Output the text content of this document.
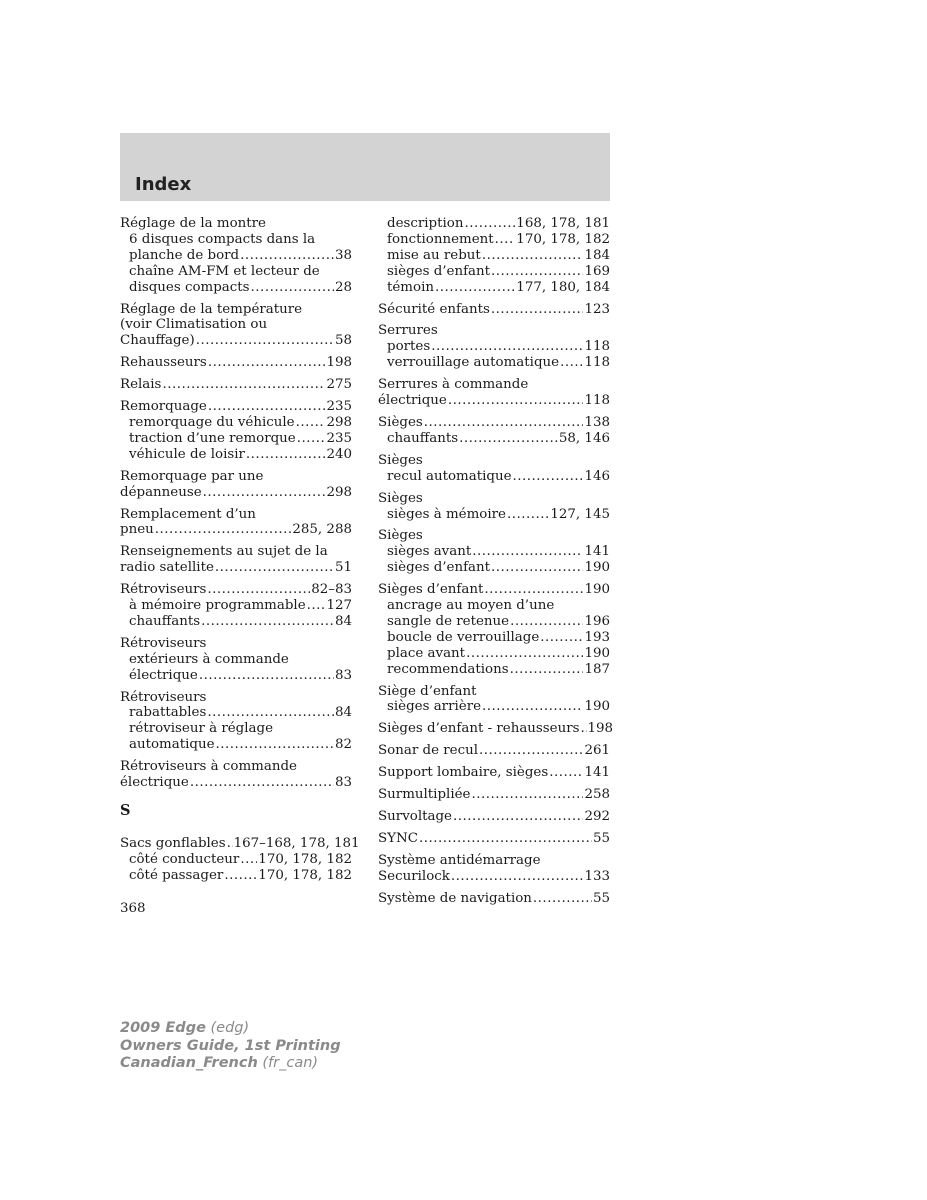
Index
Réglage de la montre
6 disques compacts dans la
planche de bord .....	38
chaîne AM-FM et lecteur de
disques compacts .....	28
Réglage de la température
(voir Climatisation ou
Chauffage) .....	58
Rehausseurs .....	198
Relais .....	275
Remorquage .....	235
remorquage du véhicule ..... 298
traction d’une remorque ..... 235
véhicule de loisir .....	240
Remorquage par une
dépanneuse .....	298
Remplacement d’un
pneu .....	285, 288
Renseignements au sujet de la
radio satellite .....	51
Rétroviseurs .....	82–83
à mémoire programmable ..... 127
chauffants .....	84
Rétroviseurs
extérieurs à commande
électrique .....	83
Rétroviseurs
rabattables .....	84
rétroviseur à réglage
automatique .....	82
Rétroviseurs à commande
électrique .....	83
S
Sacs gonflables ..... 167–168, 178, 181
côté conducteur ..... 170, 178, 182
côté passager .....	170, 178, 182
description .....	168, 178, 181
fonctionnement ..... 170, 178, 182
mise au rebut .....	184
sièges d’enfant .....	169
témoin .....	177, 180, 184
Sécurité enfants .....	123
Serrures
portes .....	118
verrouillage automatique ..... 118
Serrures à commande
électrique .....	118
Sièges .....	138
chauffants .....	58, 146
Sièges
recul automatique .....	146
Sièges
sièges à mémoire .....	127, 145
Sièges
sièges avant .....	141
sièges d’enfant .....	190
Sièges d’enfant .....	190
ancrage au moyen d’une
sangle de retenue .....	196
boucle de verrouillage .....	193
place avant .....	190
recommendations .....	187
Siège d’enfant
sièges arrière .....	190
Sièges d’enfant - rehausseurs ..... 198
Sonar de recul .....	261
Support lombaire, sièges .....	141
Surmultipliée .....	258
Survoltage .....	292
SYNC .....	55
Système antidémarrage
Securilock .....	133
Système de navigation .....	55
368
2009 Edge (edg)
Owners Guide, 1st Printing
Canadian_French (fr_can)
